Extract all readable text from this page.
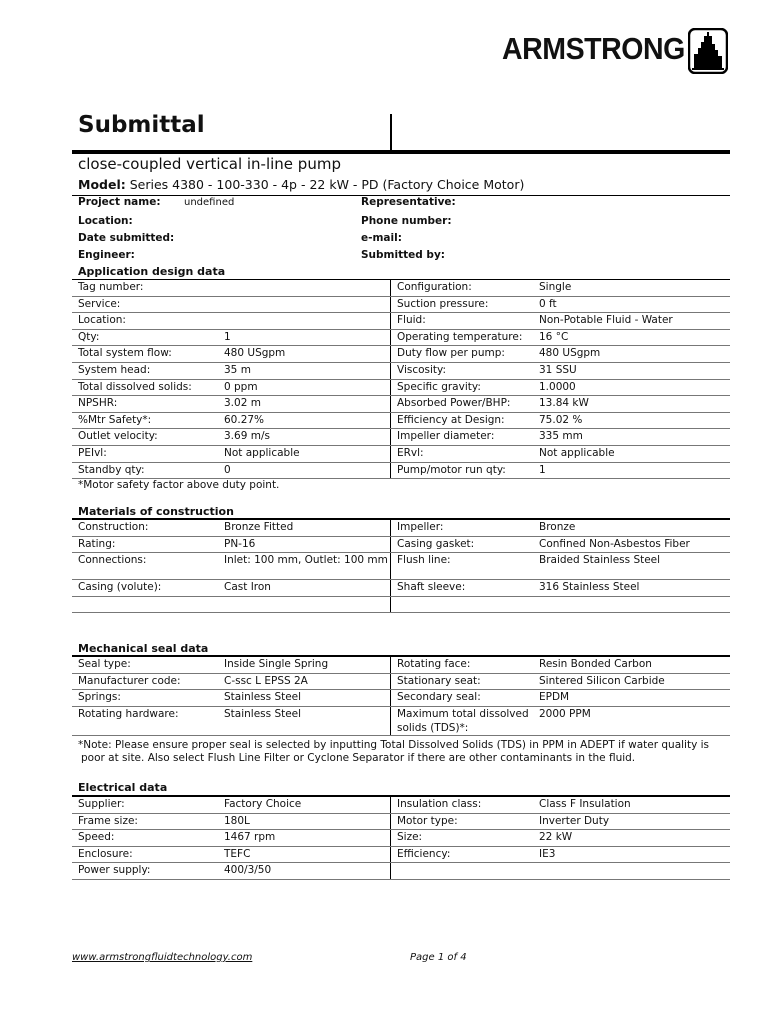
ARMSTRONG
Submittal
close-coupled vertical in-line pump
Model: Series 4380 - 100-330 - 4p - 22 kW - PD (Factory Choice Motor)
Project name: undefined
Location:
Date submitted:
Engineer:
Representative:
Phone number:
e-mail:
Submitted by:
Application design data
Tag number:		Configuration:	Single
Service:		Suction pressure:	0 ft
Location:		Fluid:	Non-Potable Fluid - Water
Qty:	1	Operating temperature:	16 °C
Total system flow:	480 USgpm	Duty flow per pump:	480 USgpm
System head:	35 m	Viscosity:	31 SSU
Total dissolved solids:	0 ppm	Specific gravity:	1.0000
NPSHR:	3.02 m	Absorbed Power/BHP:	13.84 kW
%Mtr Safety*:	60.27%	Efficiency at Design:	75.02 %
Outlet velocity:	3.69 m/s	Impeller diameter:	335 mm
PEIvl:	Not applicable	ERvl:	Not applicable
Standby qty:	0	Pump/motor run qty:	1
*Motor safety factor above duty point.
Materials of construction
Construction:	Bronze Fitted	Impeller:	Bronze
Rating:	PN-16	Casing gasket:	Confined Non-Asbestos Fiber
Connections:	Inlet: 100 mm, Outlet: 100 mm	Flush line:	Braided Stainless Steel
Casing (volute):	Cast Iron	Shaft sleeve:	316 Stainless Steel

Mechanical seal data
Seal type:	Inside Single Spring	Rotating face:	Resin Bonded Carbon
Manufacturer code:	C-ssc L EPSS 2A	Stationary seat:	Sintered Silicon Carbide
Springs:	Stainless Steel	Secondary seal:	EPDM
Rotating hardware:	Stainless Steel	Maximum total dissolved solids (TDS)*:	2000 PPM
*Note: Please ensure proper seal is selected by inputting Total Dissolved Solids (TDS) in PPM in ADEPT if water quality is
poor at site. Also select Flush Line Filter or Cyclone Separator if there are other contaminants in the fluid.
Electrical data
Supplier:	Factory Choice	Insulation class:	Class F Insulation
Frame size:	180L	Motor type:	Inverter Duty
Speed:	1467 rpm	Size:	22 kW
Enclosure:	TEFC	Efficiency:	IE3
Power supply:	400/3/50		
www.armstrongfluidtechnology.com	Page 1 of 4
